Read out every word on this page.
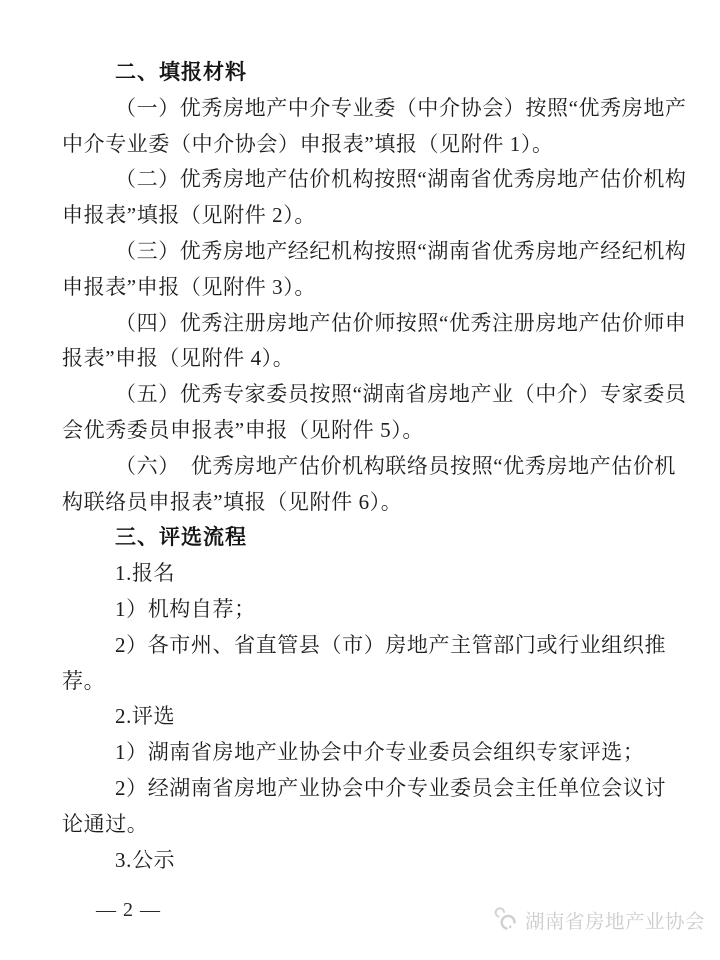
二、填报材料
（一）优秀房地产中介专业委（中介协会）按照“优秀房地产
中介专业委（中介协会）申报表”填报（见附件 1）。
（二）优秀房地产估价机构按照“湖南省优秀房地产估价机构
申报表”填报（见附件 2）。
（三）优秀房地产经纪机构按照“湖南省优秀房地产经纪机构
申报表”申报（见附件 3）。
（四）优秀注册房地产估价师按照“优秀注册房地产估价师申
报表”申报（见附件 4）。
（五）优秀专家委员按照“湖南省房地产业（中介）专家委员
会优秀委员申报表”申报（见附件 5）。
（六）　优秀房地产估价机构联络员按照“优秀房地产估价机
构联络员申报表”填报（见附件 6）。
三、评选流程
1.报名
1）机构自荐；
2）各市州、省直管县（市）房地产主管部门或行业组织推
荐。
2.评选
1）湖南省房地产业协会中介专业委员会组织专家评选；
2）经湖南省房地产业协会中介专业委员会主任单位会议讨
论通过。
3.公示
— 2 —
湖南省房地产业协会
